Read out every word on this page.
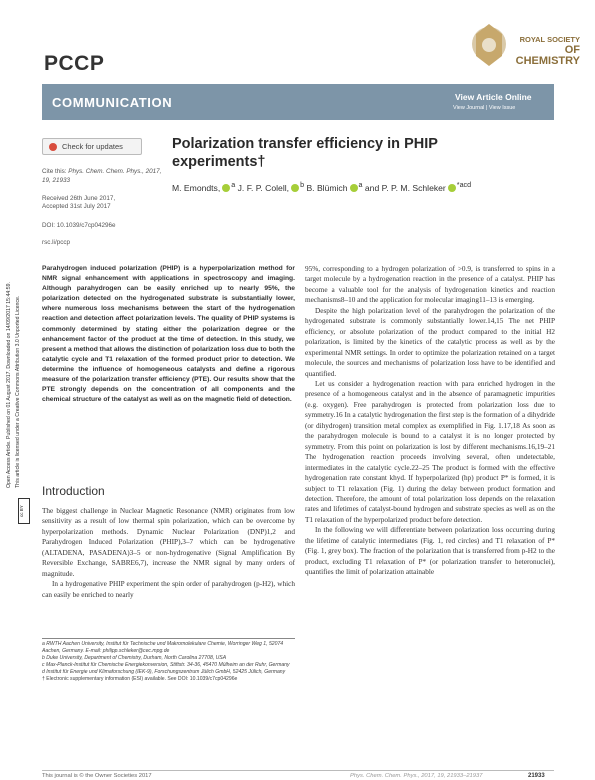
PCCP
ROYAL SOCIETY
OF CHEMISTRY
COMMUNICATION	View Article Online
View Journal | View Issue
Check for updates
Cite this: Phys. Chem. Chem. Phys., 2017, 19, 21933
Received 26th June 2017,
Accepted 31st July 2017
DOI: 10.1039/c7cp04296e
rsc.li/pccp
Polarization transfer efficiency in PHIP experiments†
M. Emondts, $^a$ J. F. P. Colell, $^b$ B. Blümich $^a$ and P. P. M. Schleker $^{*acd}$
Open Access Article. Published on 01 August 2017. Downloaded on 14/09/2017 15:44:59. This article is licensed under a Creative Commons Attribution 3.0 Unported Licence.
cc BY
Parahydrogen induced polarization (PHIP) is a hyperpolarization method for NMR signal enhancement with applications in spectroscopy and imaging. Although parahydrogen can be easily enriched up to nearly 95%, the polarization detected on the hydrogenated substrate is substantially lower, where numerous loss mechanisms between the start of the hydrogenation reaction and detection affect polarization levels. The quality of PHIP systems is commonly determined by stating either the polarization degree or the enhancement factor of the product at the time of detection. In this study, we present a method that allows the distinction of polarization loss due to both the catalytic cycle and T1 relaxation of the formed product prior to detection. We determine the influence of homogeneous catalysts and define a rigorous measure of the polarization transfer efficiency (PTE). Our results show that the PTE strongly depends on the concentration of all components and the chemical structure of the catalyst as well as on the magnetic field of detection.
Introduction

The biggest challenge in Nuclear Magnetic Resonance (NMR) originates from low sensitivity as a result of low thermal spin polarization, which can be overcome by hyperpolarization methods. Dynamic Nuclear Polarization (DNP)1,2 and Parahydrogen Induced Polarization (PHIP),3–7 which can be hydrogenative (ALTADENA, PASADENA)3–5 or non-hydrogenative (Signal Amplification By Reversible Exchange, SABRE6,7), increase the NMR signal by many orders of magnitude.

In a hydrogenative PHIP experiment the spin order of parahydrogen (p-H2), which can easily be enriched to nearly

95%, corresponding to a hydrogen polarization of >0.9, is transferred to spins in a target molecule by a hydrogenation reaction in the presence of a catalyst. PHIP has become a valuable tool for the analysis of hydrogenation kinetics and reaction mechanisms8–10 and the application for molecular imaging11–13 is emerging.

Despite the high polarization level of the parahydrogen the polarization of the hydrogenated substrate is commonly substantially lower.14,15 The net PHIP efficiency, or absolute polarization of the product compared to the initial H2 polarization, is limited by the kinetics of the catalytic process as well as by the experimental NMR settings. In order to optimize the polarization retained on a target molecule, the sources and mechanisms of polarization loss have to be identified and quantified.

Let us consider a hydrogenation reaction with para enriched hydrogen in the presence of a homogeneous catalyst and in the absence of paramagnetic impurities (e.g. oxygen). Free parahydrogen is protected from polarization loss due to symmetry.16 In a catalytic hydrogenation the first step is the formation of a dihydride (or dihydrogen) transition metal complex as exemplified in Fig. 1.17,18 As soon as the parahydrogen molecule is bound to a catalyst it is no longer protected by symmetry. From this point on polarization is lost by different mechanisms.16,19–21 The hydrogenation reaction proceeds involving several, often undetectable, intermediates in the catalytic cycle.22–25 The product is formed with the effective hydrogenation rate constant khyd. If hyperpolarized (hp) product P* is formed, it is subject to T1 relaxation (Fig. 1) during the delay between product formation and detection. Therefore, the amount of total polarization loss depends on the relaxation rates and lifetimes of catalyst-bound hydrogen and substrate species as well as on the T1 relaxation of the hyperpolarized product before detection.

In the following we will differentiate between polarization loss occurring during the lifetime of catalytic intermediates (Fig. 1, red circles) and T1 relaxation of P* (Fig. 1, grey box). The fraction of the polarization that is transferred from p-H2 to the product, excluding T1 relaxation of P* (or polarization transfer to heteronuclei), quantifies the limit of polarization attainable

a RWTH Aachen University, Institut für Technische und Makromolekulare Chemie, Worringer Weg 1, 52074 Aachen, Germany. E-mail: philipp.schleker@cec.mpg.de
b Duke University, Department of Chemistry, Durham, North Carolina 27708, USA
c Max-Planck-Institut für Chemische Energiekonversion, Stiftstr. 34-36, 45470 Mülheim an der Ruhr, Germany
d Institut für Energie und Klimaforschung (IEK-9), Forschungszentrum Jülich GmbH, 52425 Jülich, Germany
† Electronic supplementary information (ESI) available. See DOI: 10.1039/c7cp04296e
This journal is © the Owner Societies 2017	Phys. Chem. Chem. Phys., 2017, 19, 21933–21937	21933
